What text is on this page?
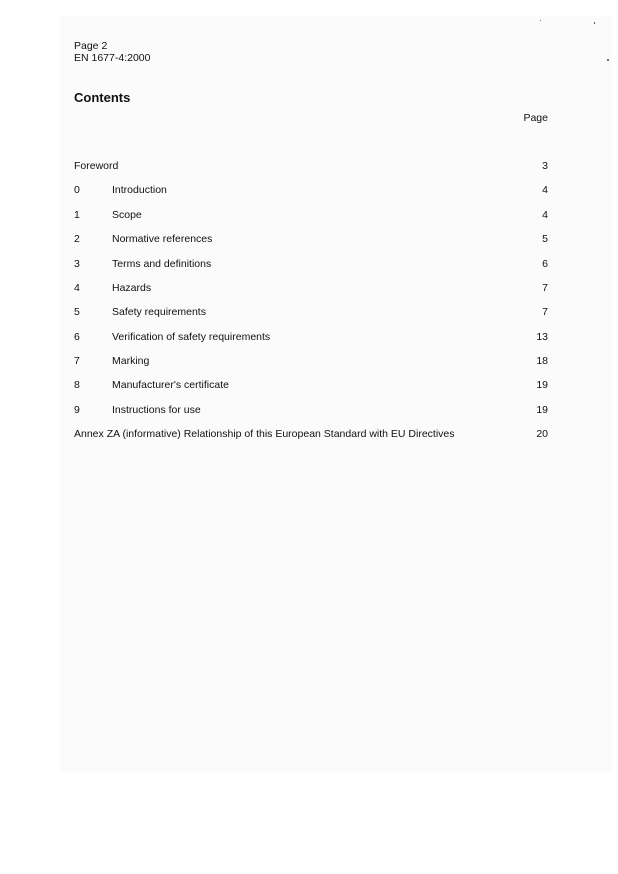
Page 2
EN 1677-4:2000
Contents
Page
Foreword	3
0	Introduction	4
1	Scope	4
2	Normative references	5
3	Terms and definitions	6
4	Hazards	7
5	Safety requirements	7
6	Verification of safety requirements	13
7	Marking	18
8	Manufacturer's certificate	19
9	Instructions for use	19
Annex ZA (informative) Relationship of this European Standard with EU Directives	20
